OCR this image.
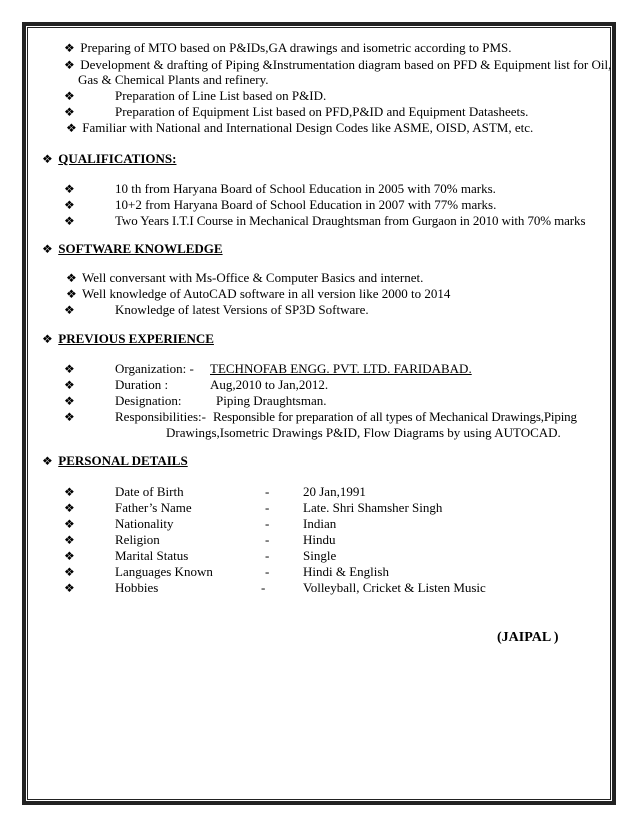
❖ Preparing of MTO based on P&IDs,GA drawings and isometric according to PMS.
❖ Development & drafting of Piping &Instrumentation diagram based on PFD & Equipment list for Oil,
Gas & Chemical Plants and refinery.
❖	Preparation of Line List based on P&ID.
❖	Preparation of Equipment List based on PFD,P&ID and Equipment Datasheets.
❖ Familiar with National and International Design Codes like ASME, OISD, ASTM, etc.
❖ QUALIFICATIONS:
❖	10 th from Haryana Board of School Education in 2005 with 70% marks.
❖	10+2 from Haryana Board of School Education in 2007 with 77% marks.
❖	Two Years I.T.I Course in Mechanical Draughtsman from Gurgaon in 2010 with 70% marks
❖ SOFTWARE KNOWLEDGE
❖ Well conversant with Ms-Office & Computer Basics and internet.
❖ Well knowledge of AutoCAD software in all version like 2000 to 2014
❖	Knowledge of latest Versions of SP3D Software.
❖ PREVIOUS EXPERIENCE
❖	Organization: - TECHNOFAB ENGG. PVT. LTD. FARIDABAD.
❖	Duration :	Aug,2010 to Jan,2012.
❖	Designation:	Piping Draughtsman.
❖	Responsibilities:- Responsible for preparation of all types of Mechanical Drawings,Piping
Drawings,Isometric Drawings P&ID, Flow Diagrams by using AUTOCAD.
❖ PERSONAL DETAILS
❖	Date of Birth	-	20 Jan,1991
❖	Father’s Name	-	Late. Shri Shamsher Singh
❖	Nationality	-	Indian
❖	Religion	-	Hindu
❖	Marital Status	-	Single
❖	Languages Known	-	Hindi & English
❖	Hobbies	-	Volleyball, Cricket & Listen Music
(JAIPAL )
